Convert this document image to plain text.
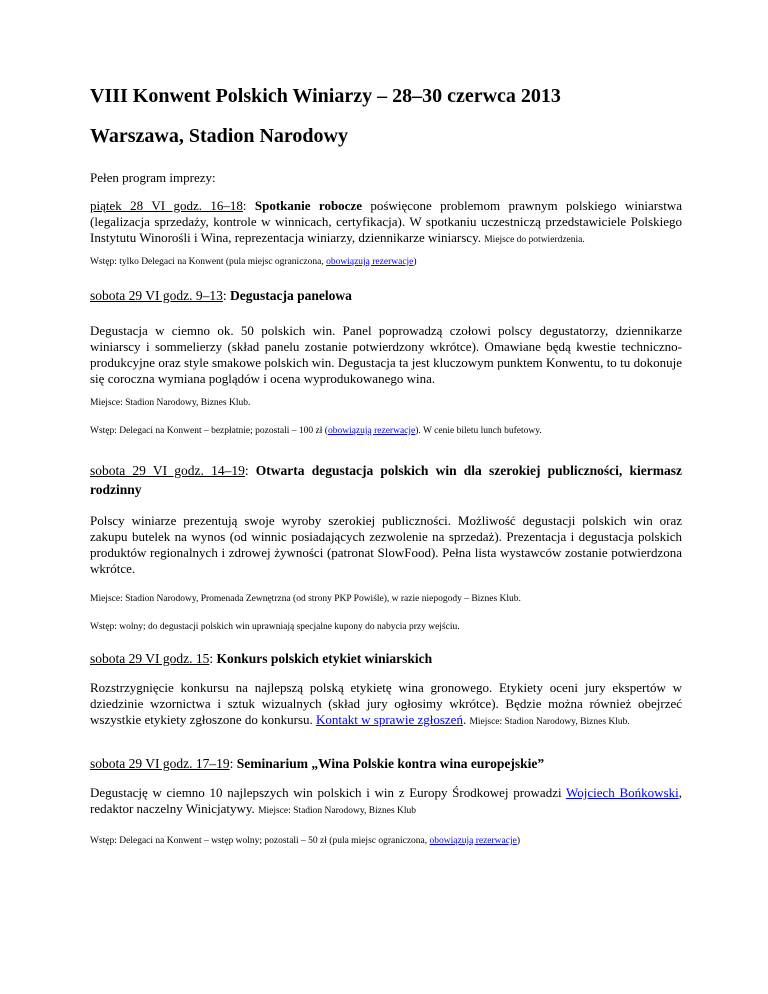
VIII Konwent Polskich Winiarzy – 28–30 czerwca 2013
Warszawa, Stadion Narodowy

Pełen program imprezy:

piątek 28 VI godz. 16–18: Spotkanie robocze poświęcone problemom prawnym polskiego winiarstwa (legalizacja sprzedaży, kontrole w winnicach, certyfikacja). W spotkaniu uczestniczą przedstawiciele Polskiego Instytutu Winorośli i Wina, reprezentacja winiarzy, dziennikarze winiarscy. Miejsce do potwierdzenia.

Wstęp: tylko Delegaci na Konwent (pula miejsc ograniczona, obowiązują rezerwacje)

sobota 29 VI godz. 9–13: Degustacja panelowa

Degustacja w ciemno ok. 50 polskich win. Panel poprowadzą czołowi polscy degustatorzy, dziennikarze winiarscy i sommelierzy (skład panelu zostanie potwierdzony wkrótce). Omawiane będą kwestie techniczno-produkcyjne oraz style smakowe polskich win. Degustacja ta jest kluczowym punktem Konwentu, to tu dokonuje się coroczna wymiana poglądów i ocena wyprodukowanego wina.

Miejsce: Stadion Narodowy, Biznes Klub.

Wstęp: Delegaci na Konwent – bezpłatnie; pozostali – 100 zł (obowiązują rezerwacje). W cenie biletu lunch bufetowy.

sobota 29 VI godz. 14–19: Otwarta degustacja polskich win dla szerokiej publiczności, kiermasz rodzinny

Polscy winiarze prezentują swoje wyroby szerokiej publiczności. Możliwość degustacji polskich win oraz zakupu butelek na wynos (od winnic posiadających zezwolenie na sprzedaż). Prezentacja i degustacja polskich produktów regionalnych i zdrowej żywności (patronat SlowFood). Pełna lista wystawców zostanie potwierdzona wkrótce.

Miejsce: Stadion Narodowy, Promenada Zewnętrzna (od strony PKP Powiśle), w razie niepogody – Biznes Klub.

Wstęp: wolny; do degustacji polskich win uprawniają specjalne kupony do nabycia przy wejściu.

sobota 29 VI godz. 15: Konkurs polskich etykiet winiarskich

Rozstrzygnięcie konkursu na najlepszą polską etykietę wina gronowego. Etykiety oceni jury ekspertów w dziedzinie wzornictwa i sztuk wizualnych (skład jury ogłosimy wkrótce). Będzie można również obejrzeć wszystkie etykiety zgłoszone do konkursu. Kontakt w sprawie zgłoszeń. Miejsce: Stadion Narodowy, Biznes Klub.

sobota 29 VI godz. 17–19: Seminarium „Wina Polskie kontra wina europejskie”

Degustację w ciemno 10 najlepszych win polskich i win z Europy Środkowej prowadzi Wojciech Bońkowski, redaktor naczelny Winicjatywy. Miejsce: Stadion Narodowy, Biznes Klub

Wstęp: Delegaci na Konwent – wstęp wolny; pozostali – 50 zł (pula miejsc ograniczona, obowiązują rezerwacje)
